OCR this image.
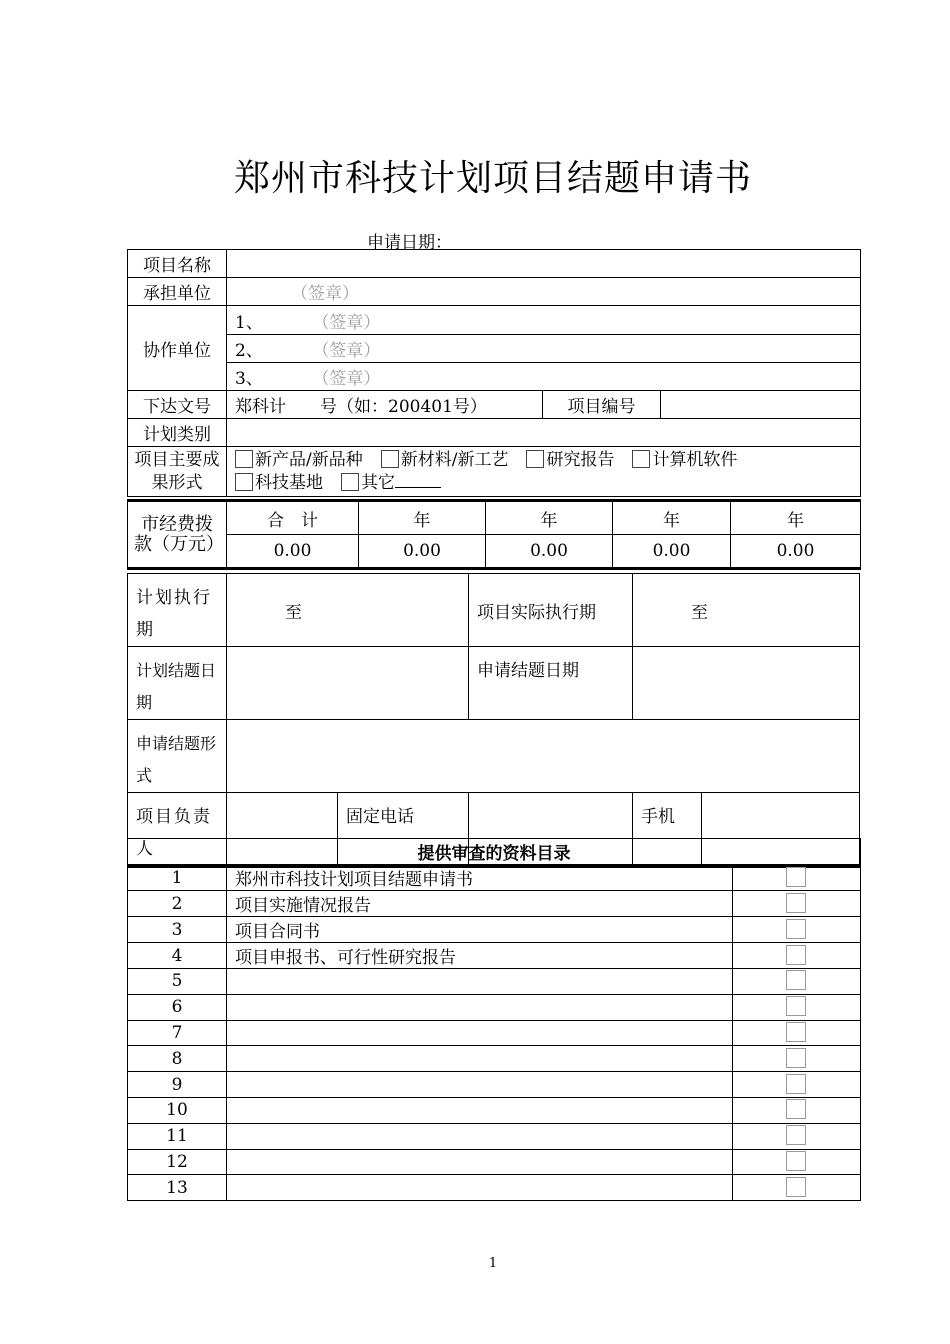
郑州市科技计划项目结题申请书
申请日期：
项目名称			
承担单位	（签章）		
协作单位	1、 （签章）		
	2、 （签章）		
	3、 （签章）		
下达文号	郑科计　　号（如：200401号）	项目编号	
计划类别			
项目主要成果形式	新产品/新品种 新材料/新工艺 研究报告 计算机软件
科技基地 其它		
市经费拨款（万元）	合　计	年	年	年	年
	0.00	0.00	0.00	0.00	0.00
计划执行期	至		项目实际执行期	至	
计划结题日期			申请结题日期		
申请结题形式					
项目负责人		固定电话		手机	
提供审查的资料目录		
1	郑州市科技计划项目结题申请书	
2	项目实施情况报告	
3	项目合同书	
4	项目申报书、可行性研究报告	
5		
6		
7		
8		
9		
10		
11		
12		
13		
1
